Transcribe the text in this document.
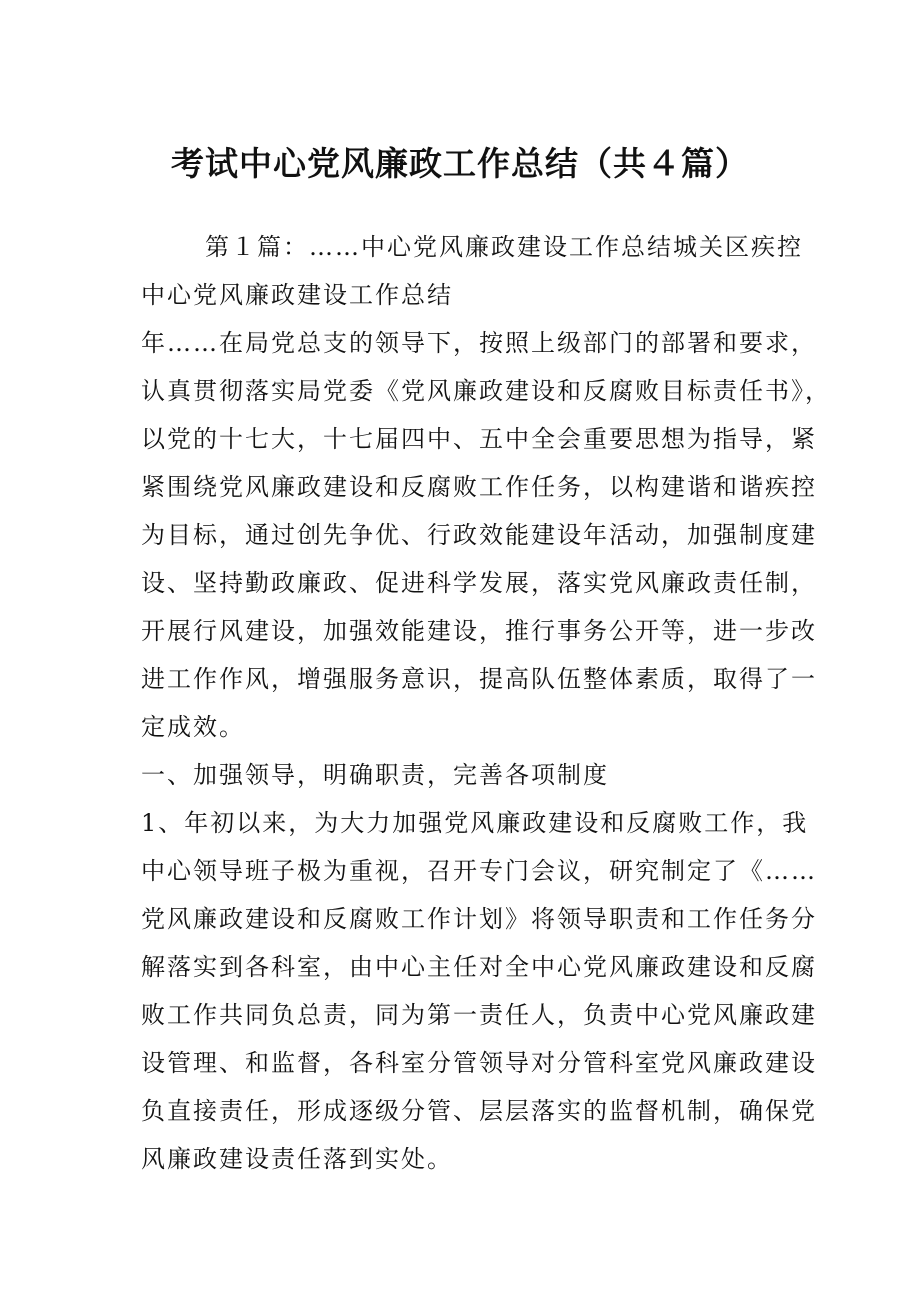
考试中心党风廉政工作总结（共４篇）
第１篇：……中心党风廉政建设工作总结城关区疾控
中心党风廉政建设工作总结
年……在局党总支的领导下，按照上级部门的部署和要求，
认真贯彻落实局党委《党风廉政建设和反腐败目标责任书》，
以党的十七大，十七届四中、五中全会重要思想为指导，紧
紧围绕党风廉政建设和反腐败工作任务，以构建谐和谐疾控
为目标，通过创先争优、行政效能建设年活动，加强制度建
设、坚持勤政廉政、促进科学发展，落实党风廉政责任制，
开展行风建设，加强效能建设，推行事务公开等，进一步改
进工作作风，增强服务意识，提高队伍整体素质，取得了一
定成效。
一、加强领导，明确职责，完善各项制度
1、年初以来，为大力加强党风廉政建设和反腐败工作，我
中心领导班子极为重视，召开专门会议，研究制定了《……
党风廉政建设和反腐败工作计划》将领导职责和工作任务分
解落实到各科室，由中心主任对全中心党风廉政建设和反腐
败工作共同负总责，同为第一责任人，负责中心党风廉政建
设管理、和监督，各科室分管领导对分管科室党风廉政建设
负直接责任，形成逐级分管、层层落实的监督机制，确保党
风廉政建设责任落到实处。
